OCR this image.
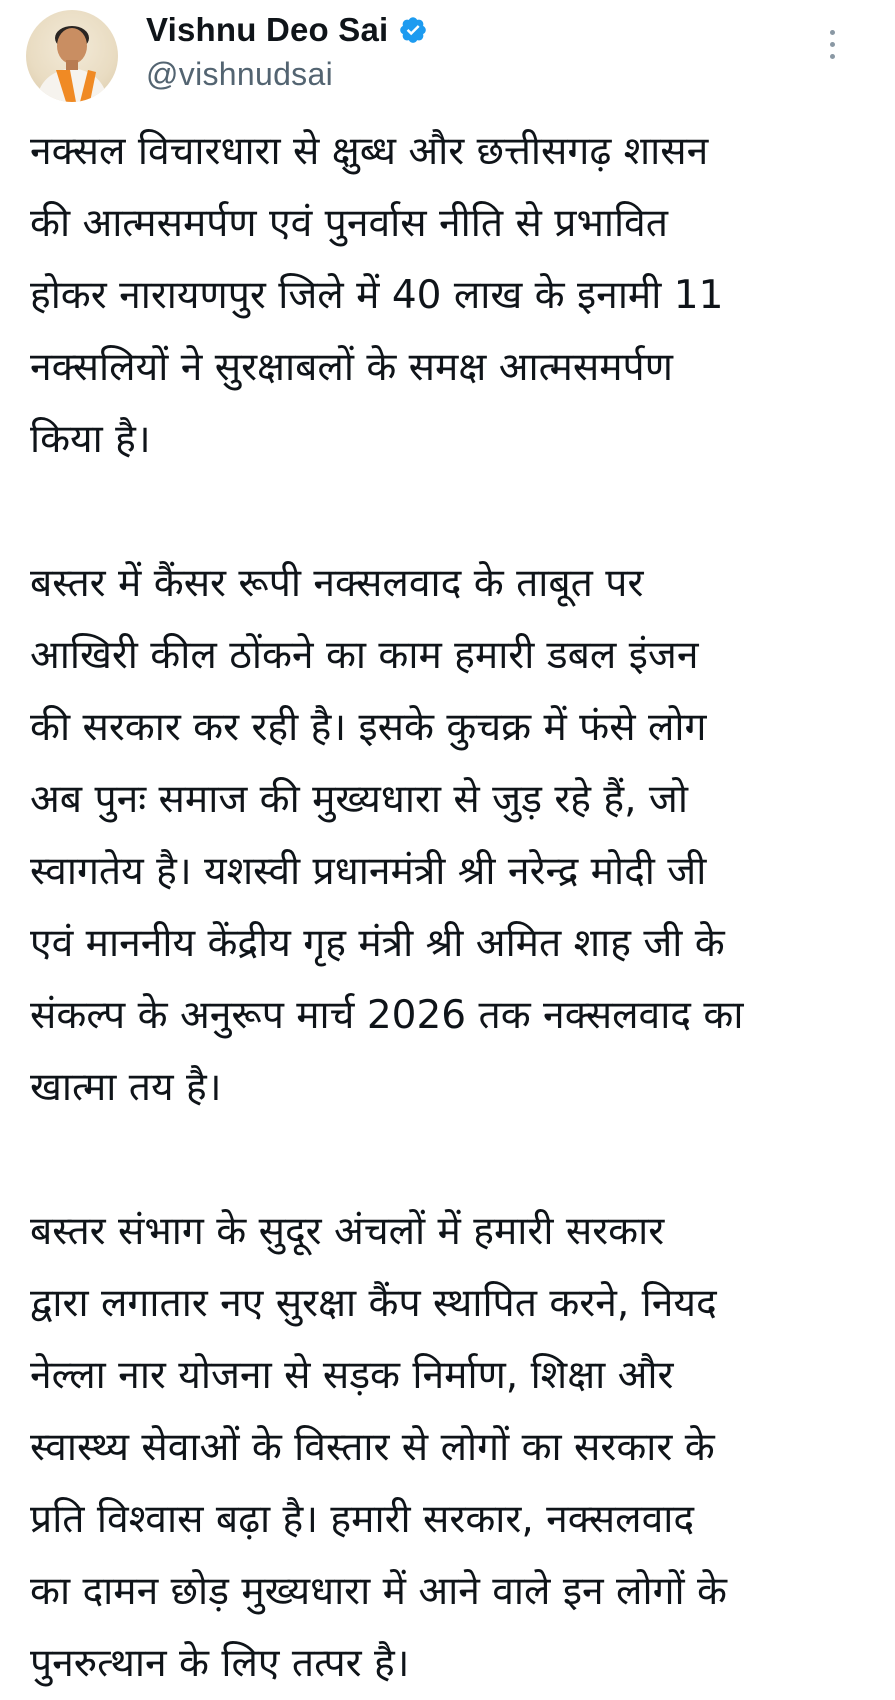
Vishnu Deo Sai
@vishnudsai

नक्सल विचारधारा से क्षुब्ध और छत्तीसगढ़ शासन
की आत्मसमर्पण एवं पुनर्वास नीति से प्रभावित
होकर नारायणपुर जिले में 40 लाख के इनामी 11
नक्सलियों ने सुरक्षाबलों के समक्ष आत्मसमर्पण
किया है।

बस्तर में कैंसर रूपी नक्सलवाद के ताबूत पर
आखिरी कील ठोंकने का काम हमारी डबल इंजन
की सरकार कर रही है। इसके कुचक्र में फंसे लोग
अब पुनः समाज की मुख्यधारा से जुड़ रहे हैं, जो
स्वागतेय है। यशस्वी प्रधानमंत्री श्री नरेन्द्र मोदी जी
एवं माननीय केंद्रीय गृह मंत्री श्री अमित शाह जी के
संकल्प के अनुरूप मार्च 2026 तक नक्सलवाद का
खात्मा तय है।

बस्तर संभाग के सुदूर अंचलों में हमारी सरकार
द्वारा लगातार नए सुरक्षा कैंप स्थापित करने, नियद
नेल्ला नार योजना से सड़क निर्माण, शिक्षा और
स्वास्थ्य सेवाओं के विस्तार से लोगों का सरकार के
प्रति विश्वास बढ़ा है। हमारी सरकार, नक्सलवाद
का दामन छोड़ मुख्यधारा में आने वाले इन लोगों के
पुनरुत्थान के लिए तत्पर है।
